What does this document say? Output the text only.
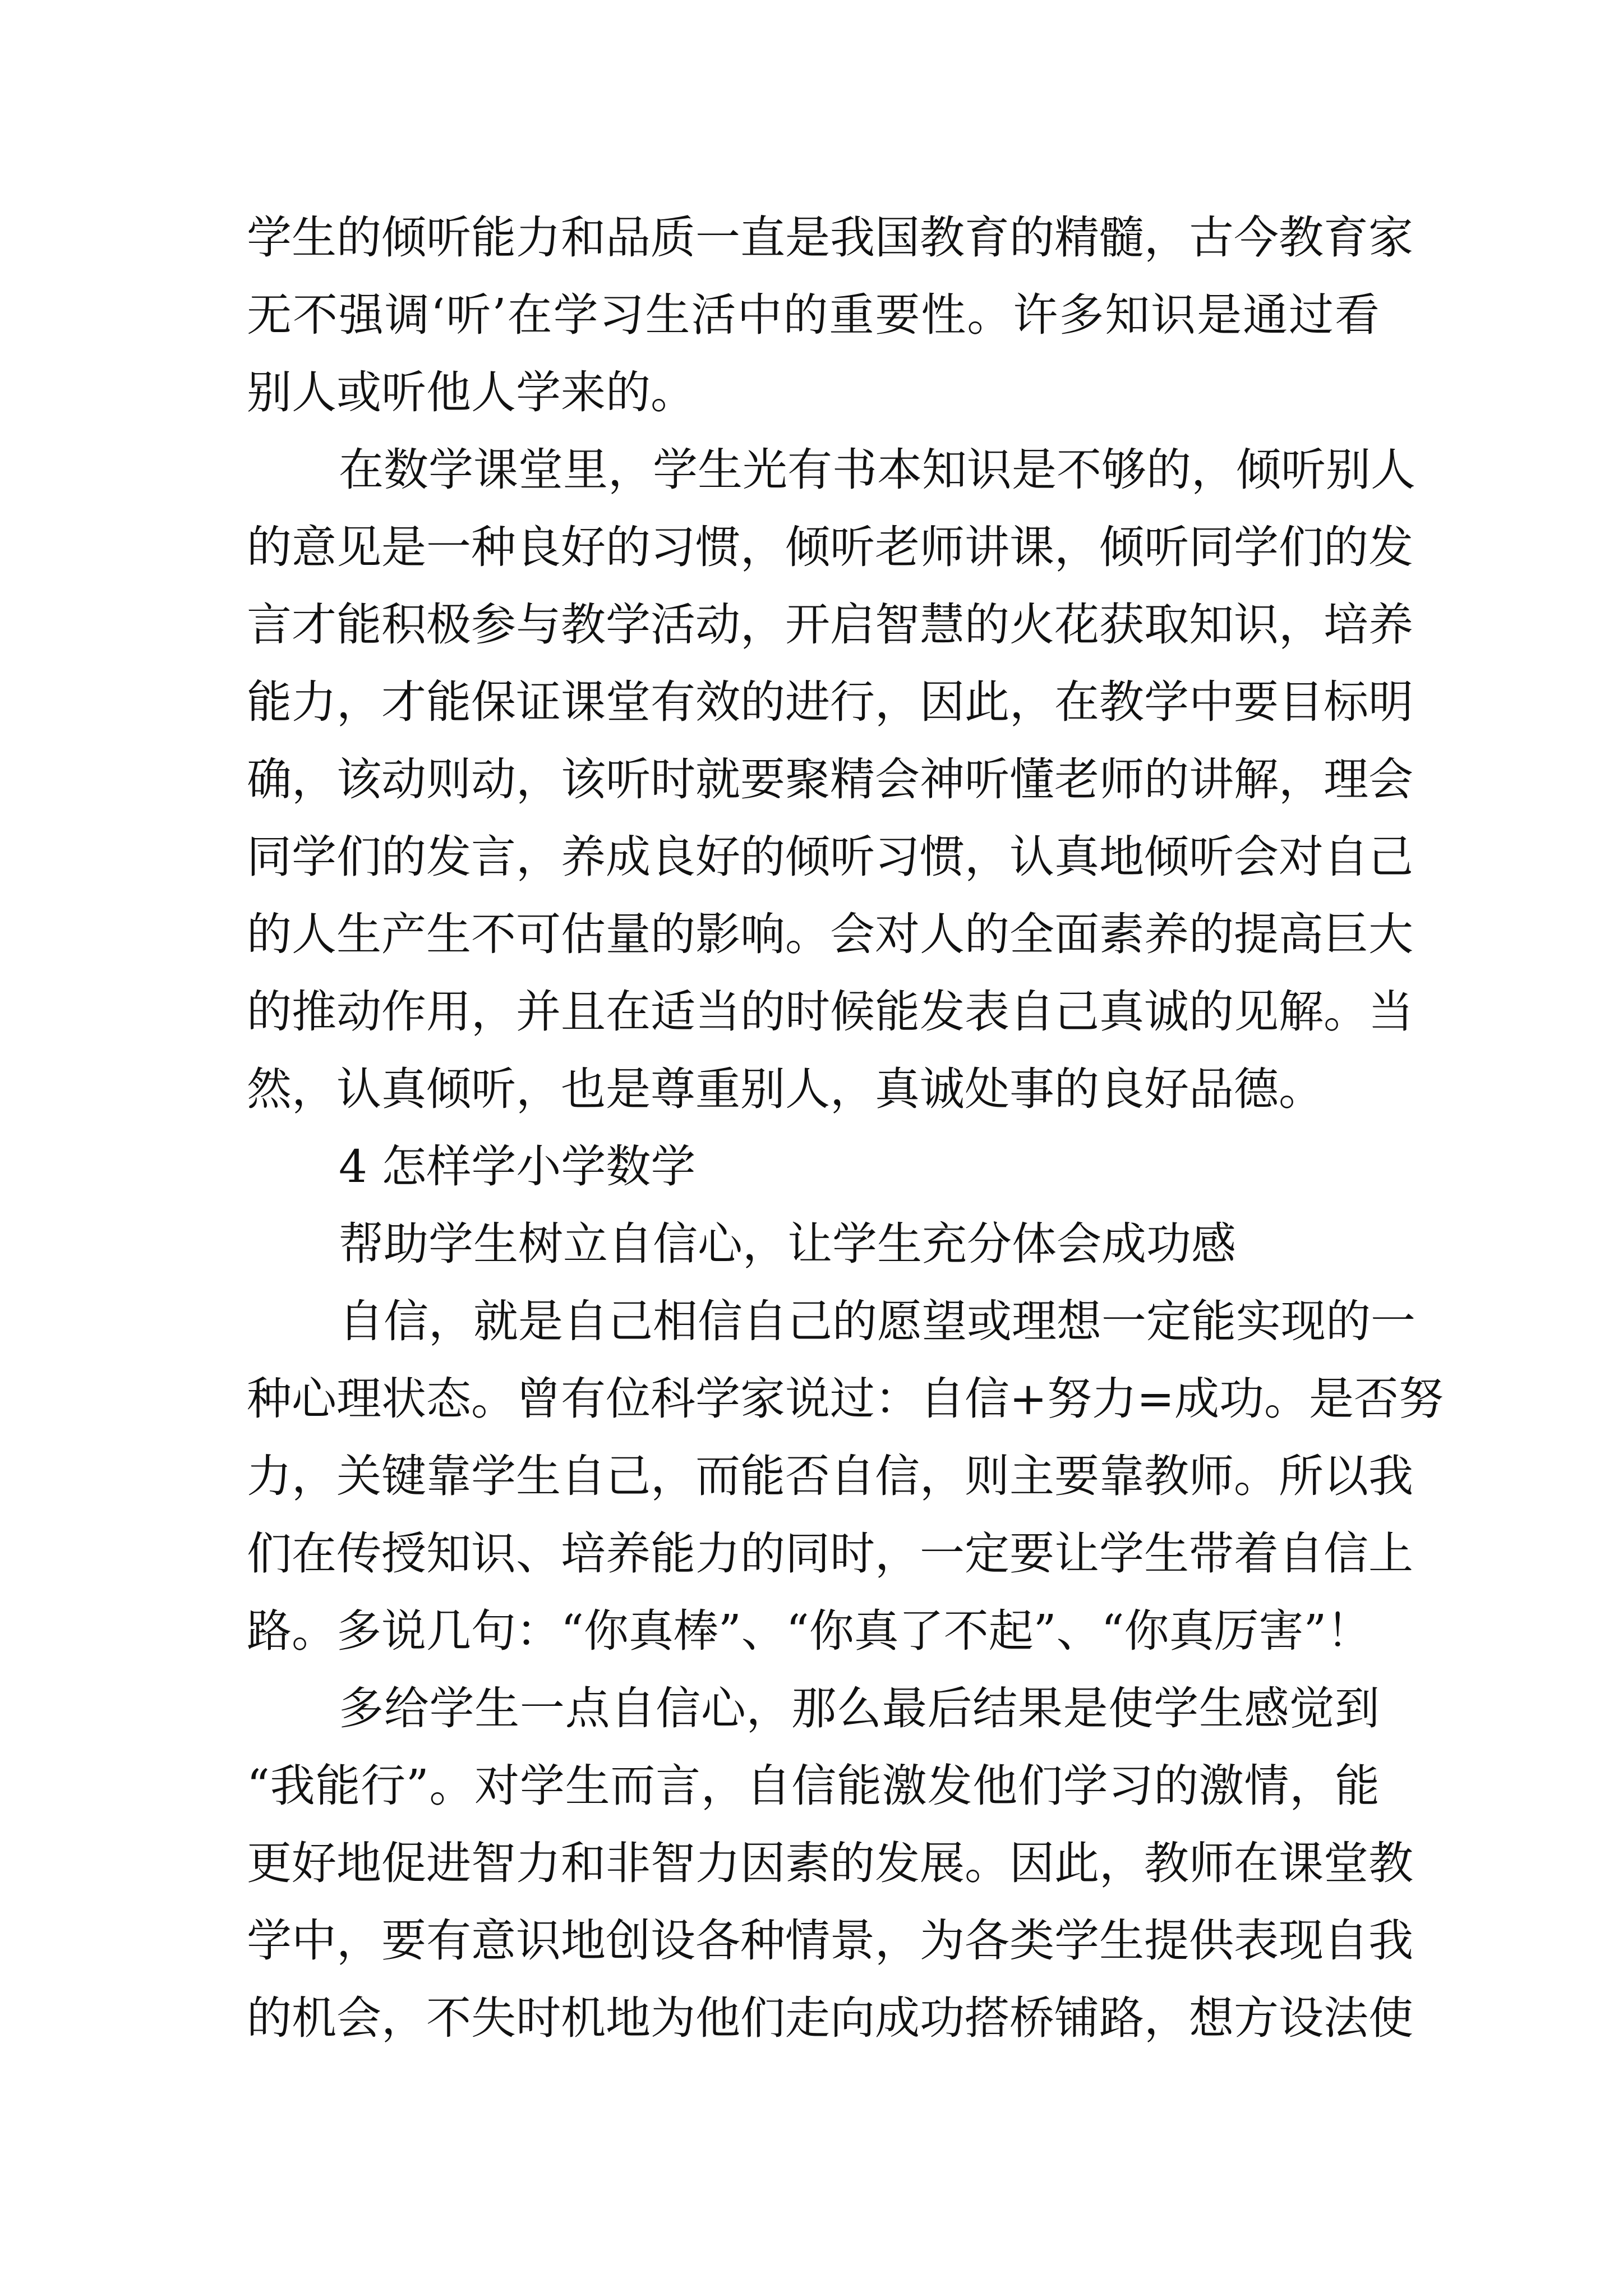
学生的倾听能力和品质一直是我国教育的精髓，古今教育家

无不强调‘听’在学习生活中的重要性。许多知识是通过看

别人或听他人学来的。

在数学课堂里，学生光有书本知识是不够的，倾听别人

的意见是一种良好的习惯，倾听老师讲课，倾听同学们的发

言才能积极参与教学活动，开启智慧的火花获取知识，培养

能力，才能保证课堂有效的进行，因此，在教学中要目标明

确，该动则动，该听时就要聚精会神听懂老师的讲解，理会

同学们的发言，养成良好的倾听习惯，认真地倾听会对自己

的人生产生不可估量的影响。会对人的全面素养的提高巨大

的推动作用，并且在适当的时候能发表自己真诚的见解。当

然，认真倾听，也是尊重别人，真诚处事的良好品德。

4 怎样学小学数学

帮助学生树立自信心，让学生充分体会成功感

自信，就是自己相信自己的愿望或理想一定能实现的一

种心理状态。曾有位科学家说过：自信+努力=成功。是否努

力，关键靠学生自己，而能否自信，则主要靠教师。所以我

们在传授知识、培养能力的同时，一定要让学生带着自信上

路。多说几句：“你真棒”、“你真了不起”、“你真厉害”！

多给学生一点自信心，那么最后结果是使学生感觉到

“我能行”。对学生而言，自信能激发他们学习的激情，能

更好地促进智力和非智力因素的发展。因此，教师在课堂教

学中，要有意识地创设各种情景，为各类学生提供表现自我

的机会，不失时机地为他们走向成功搭桥铺路，想方设法使
